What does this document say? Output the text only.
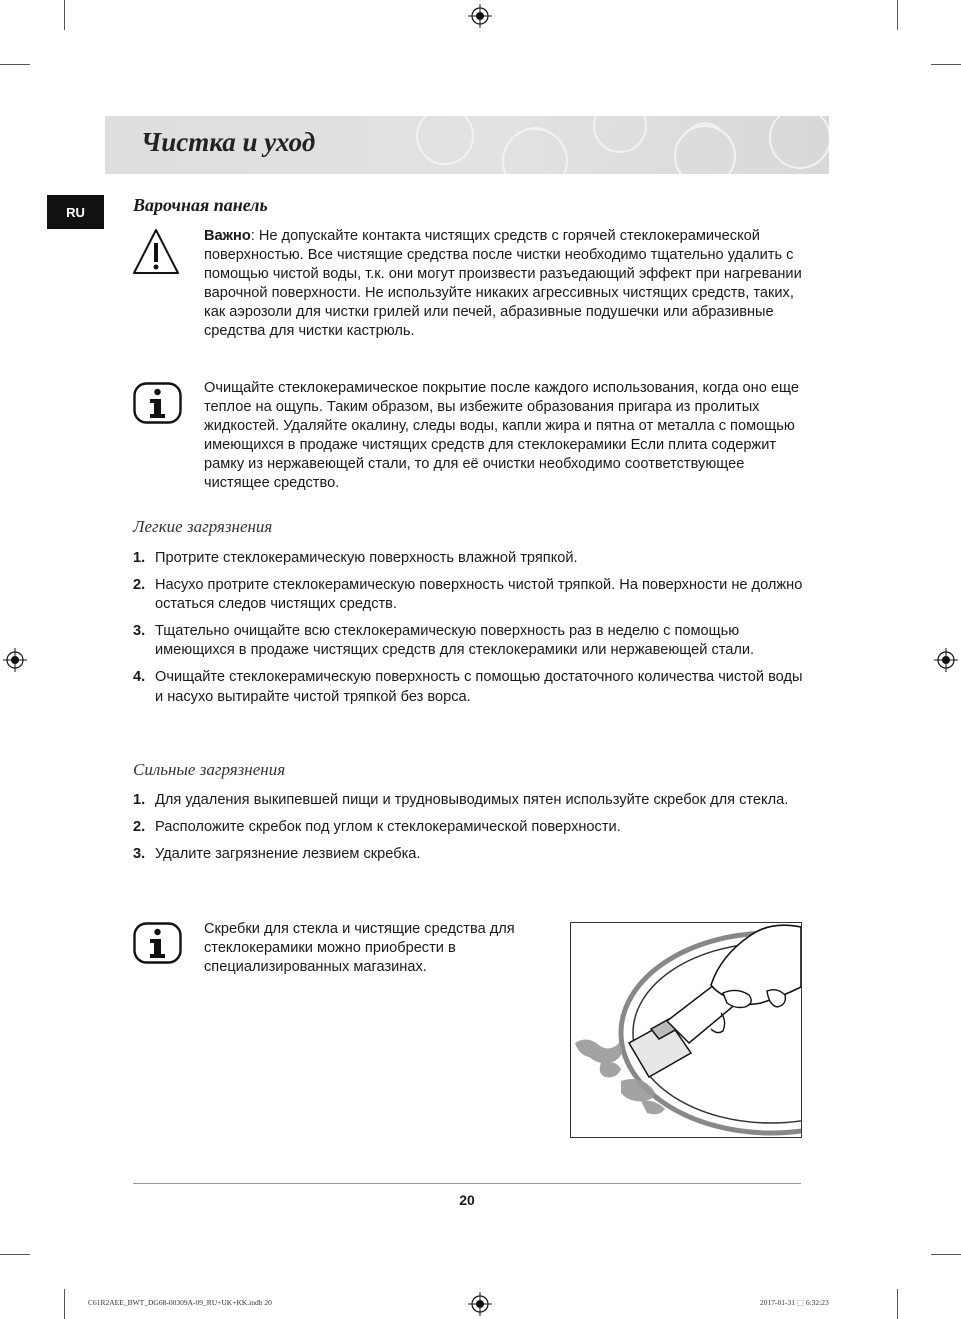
Чистка и уход
RU	Варочная панель
Важно: Не допускайте контакта чистящих средств с горячей стеклокерамической поверхностью. Все чистящие средства после чистки необходимо тщательно удалить с помощью чистой воды, т.к. они могут произвести разъедающий эффект при нагревании варочной поверхности. Не используйте никаких агрессивных чистящих средств, таких, как аэрозоли для чистки грилей или печей, абразивные подушечки или абразивные средства для чистки кастрюль.
Очищайте стеклокерамическое покрытие после каждого использования, когда оно еще теплое на ощупь. Таким образом, вы избежите образования пригара из пролитых жидкостей. Удаляйте окалину, следы воды, капли жира и пятна от металла с помощью имеющихся в продаже чистящих средств для стеклокерамики Если плита содержит рамку из нержавеющей стали, то для её очистки необходимо соответствующее чистящее средство.
Легкие загрязнения
1. Протрите стеклокерамическую поверхность влажной тряпкой.
2. Насухо протрите стеклокерамическую поверхность чистой тряпкой. На поверхности не должно остаться следов чистящих средств.
3. Тщательно очищайте всю стеклокерамическую поверхность раз в неделю с помощью имеющихся в продаже чистящих средств для стеклокерамики или нержавеющей стали.
4. Очищайте стеклокерамическую поверхность с помощью достаточного количества чистой воды и насухо вытирайте чистой тряпкой без ворса.
Сильные загрязнения
1. Для удаления выкипевшей пищи и трудновыводимых пятен используйте скребок для стекла.
2. Расположите скребок под углом к стеклокерамической поверхности.
3. Удалите загрязнение лезвием скребка.
Скребки для стекла и чистящие средства для стеклокерамики можно приобрести в специализированных магазинах.
20
C61R2AEE_BWT_DG68-00309A-09_RU+UK+KK.indb 20	2017-01-31 ⬚ 6:32:23
